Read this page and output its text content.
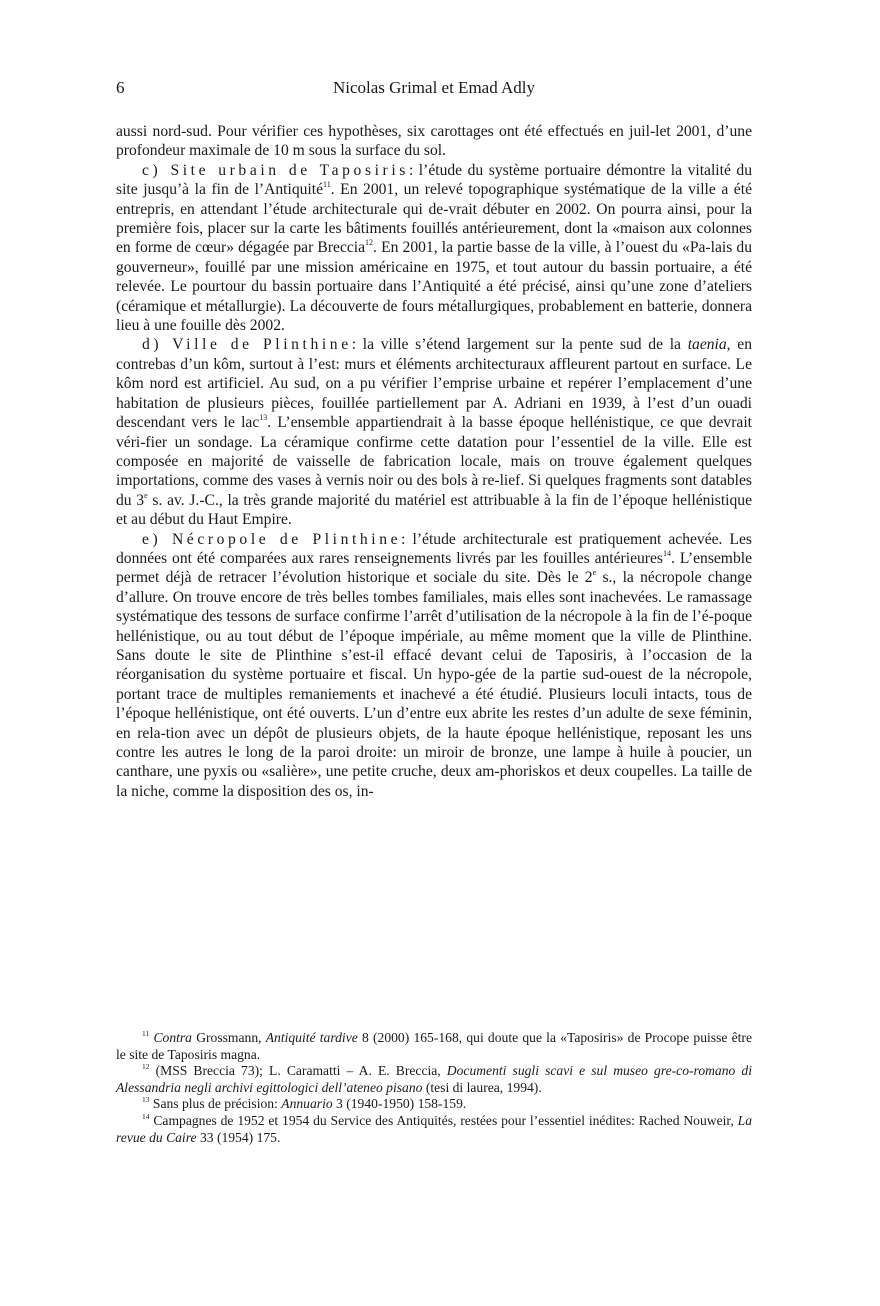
6	Nicolas Grimal et Emad Adly

aussi nord-sud. Pour vérifier ces hypothèses, six carottages ont été effectués en juil-let 2001, d’une profondeur maximale de 10 m sous la surface du sol.

c) Site urbain de Taposiris: l’étude du système portuaire démontre la vitalité du site jusqu’à la fin de l’Antiquité$^{11}$. En 2001, un relevé topographique systématique de la ville a été entrepris, en attendant l’étude architecturale qui de-vrait débuter en 2002. On pourra ainsi, pour la première fois, placer sur la carte les bâtiments fouillés antérieurement, dont la «maison aux colonnes en forme de cœur» dégagée par Breccia$^{12}$. En 2001, la partie basse de la ville, à l’ouest du «Pa-lais du gouverneur», fouillé par une mission américaine en 1975, et tout autour du bassin portuaire, a été relevée. Le pourtour du bassin portuaire dans l’Antiquité a été précisé, ainsi qu’une zone d’ateliers (céramique et métallurgie). La découverte de fours métallurgiques, probablement en batterie, donnera lieu à une fouille dès 2002.

d) Ville de Plinthine: la ville s’étend largement sur la pente sud de la taenia, en contrebas d’un kôm, surtout à l’est: murs et éléments architecturaux affleurent partout en surface. Le kôm nord est artificiel. Au sud, on a pu vérifier l’emprise urbaine et repérer l’emplacement d’une habitation de plusieurs pièces, fouillée partiellement par A. Adriani en 1939, à l’est d’un ouadi descendant vers le lac$^{13}$. L’ensemble appartiendrait à la basse époque hellénistique, ce que devrait véri-fier un sondage. La céramique confirme cette datation pour l’essentiel de la ville. Elle est composée en majorité de vaisselle de fabrication locale, mais on trouve également quelques importations, comme des vases à vernis noir ou des bols à re-lief. Si quelques fragments sont datables du 3e s. av. J.-C., la très grande majorité du matériel est attribuable à la fin de l’époque hellénistique et au début du Haut Empire.

e) Nécropole de Plinthine: l’étude architecturale est pratiquement achevée. Les données ont été comparées aux rares renseignements livrés par les fouilles antérieures$^{14}$. L’ensemble permet déjà de retracer l’évolution historique et sociale du site. Dès le 2e s., la nécropole change d’allure. On trouve encore de très belles tombes familiales, mais elles sont inachevées. Le ramassage systématique des tessons de surface confirme l’arrêt d’utilisation de la nécropole à la fin de l’é-poque hellénistique, ou au tout début de l’époque impériale, au même moment que la ville de Plinthine. Sans doute le site de Plinthine s’est-il effacé devant celui de Taposiris, à l’occasion de la réorganisation du système portuaire et fiscal. Un hypo-gée de la partie sud-ouest de la nécropole, portant trace de multiples remaniements et inachevé a été étudié. Plusieurs loculi intacts, tous de l’époque hellénistique, ont été ouverts. L’un d’entre eux abrite les restes d’un adulte de sexe féminin, en rela-tion avec un dépôt de plusieurs objets, de la haute époque hellénistique, reposant les uns contre les autres le long de la paroi droite: un miroir de bronze, une lampe à huile à poucier, un canthare, une pyxis ou «salière», une petite cruche, deux am-phoriskos et deux coupelles. La taille de la niche, comme la disposition des os, in-

$^{11}$ Contra Grossmann, Antiquité tardive 8 (2000) 165-168, qui doute que la «Taposiris» de Procope puisse être le site de Taposiris magna.

$^{12}$ (MSS Breccia 73); L. Caramatti – A. E. Breccia, Documenti sugli scavi e sul museo gre-co-romano di Alessandria negli archivi egittologici dell’ateneo pisano (tesi di laurea, 1994).

$^{13}$ Sans plus de précision: Annuario 3 (1940-1950) 158-159.

$^{14}$ Campagnes de 1952 et 1954 du Service des Antiquités, restées pour l’essentiel inédites: Rached Nouweir, La revue du Caire 33 (1954) 175.
